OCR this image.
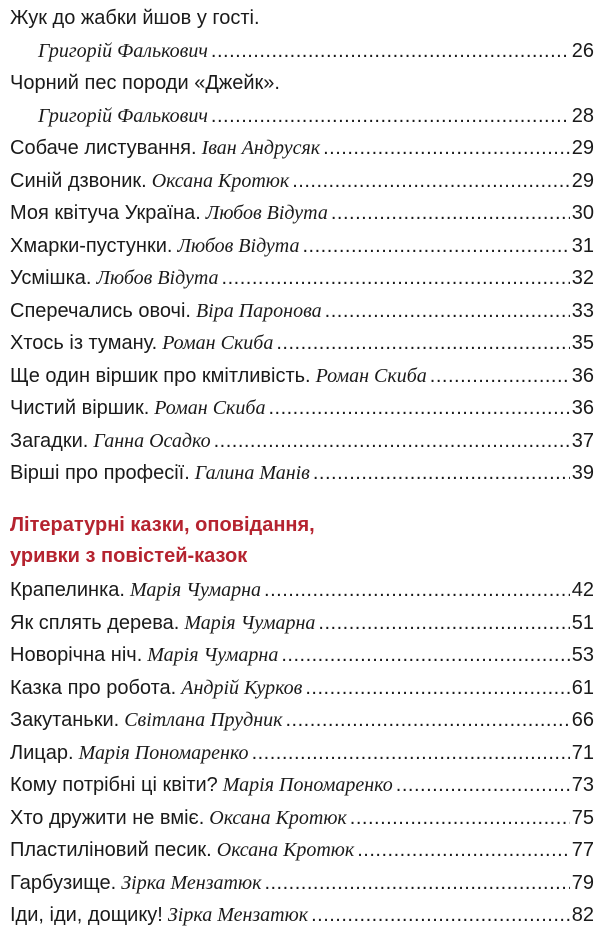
Жук до жабки йшов у гості.
Григорій Фалькович .....	26
Чорний пес породи «Джейк».
Григорій Фалькович .....	28
Собаче листування. Іван Андрусяк .....	29
Синій дзвоник. Оксана Кротюк .....	29
Моя квітуча Україна. Любов Відута .....	30
Хмарки-пустунки. Любов Відута .....	31
Усмішка. Любов Відута .....	32
Сперечались овочі. Віра Паронова .....	33
Хтось із туману. Роман Скиба .....	35
Ще один віршик про кмітливість. Роман Скиба .....	36
Чистий віршик. Роман Скиба .....	36
Загадки. Ганна Осадко .....	37
Вірші про професії. Галина Манів .....	39

Літературні казки, оповідання,

уривки з повістей-казок

Крапелинка. Марія Чумарна .....	42
Як сплять дерева. Марія Чумарна .....	51
Новорічна ніч. Марія Чумарна .....	53
Казка про робота. Андрій Курков .....	61
Закутаньки. Світлана Прудник .....	66
Лицар. Марія Пономаренко .....	71
Кому потрібні ці квіти? Марія Пономаренко .....	73
Хто дружити не вміє. Оксана Кротюк .....	75
Пластиліновий песик. Оксана Кротюк .....	77
Гарбузище. Зірка Мензатюк .....	79
Іди, іди, дощику! Зірка Мензатюк .....	82
